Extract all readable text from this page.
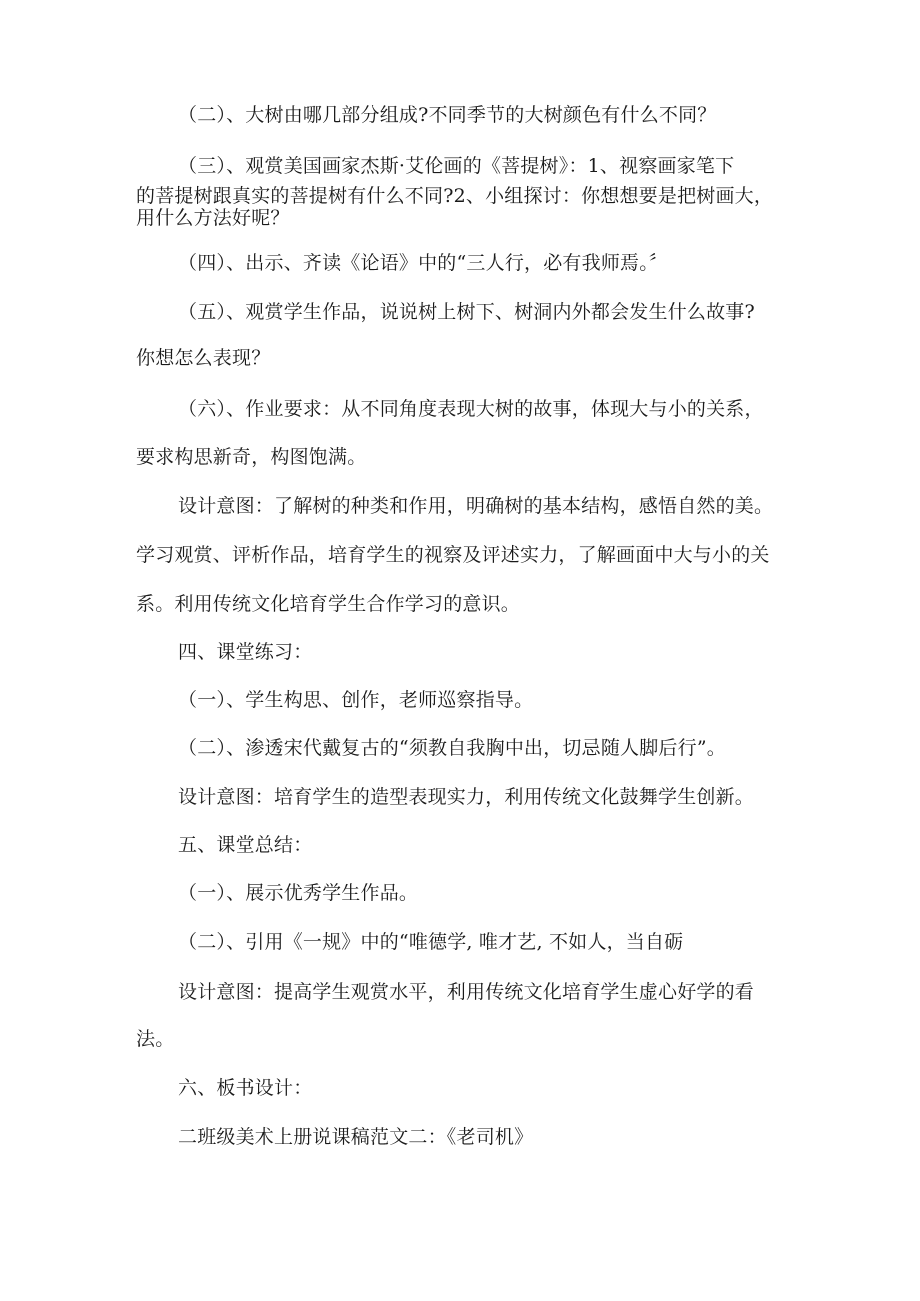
（二）、大树由哪几部分组成?不同季节的大树颜色有什么不同？
（三）、观赏美国画家杰斯·艾伦画的《菩提树》：1、视察画家笔下
的菩提树跟真实的菩提树有什么不同?2、小组探讨：你想想要是把树画大，
用什么方法好呢？
（四）、出示、齐读《论语》中的“三人行，必有我师焉。〞
（五）、观赏学生作品，说说树上树下、树洞内外都会发生什么故事?
你想怎么表现？
（六）、作业要求：从不同角度表现大树的故事，体现大与小的关系，
要求构思新奇，构图饱满。
设计意图：了解树的种类和作用，明确树的基本结构，感悟自然的美。
学习观赏、评析作品，培育学生的视察及评述实力，了解画面中大与小的关
系。利用传统文化培育学生合作学习的意识。
四、课堂练习：
（一）、学生构思、创作，老师巡察指导。
（二）、渗透宋代戴复古的“须教自我胸中出，切忌随人脚后行”。
设计意图：培育学生的造型表现实力，利用传统文化鼓舞学生创新。
五、课堂总结：
（一）、展示优秀学生作品。
（二）、引用《一规》中的“唯德学, 唯才艺, 不如人，当自砺
设计意图：提高学生观赏水平，利用传统文化培育学生虚心好学的看
法。
六、板书设计：
二班级美术上册说课稿范文二：《老司机》
